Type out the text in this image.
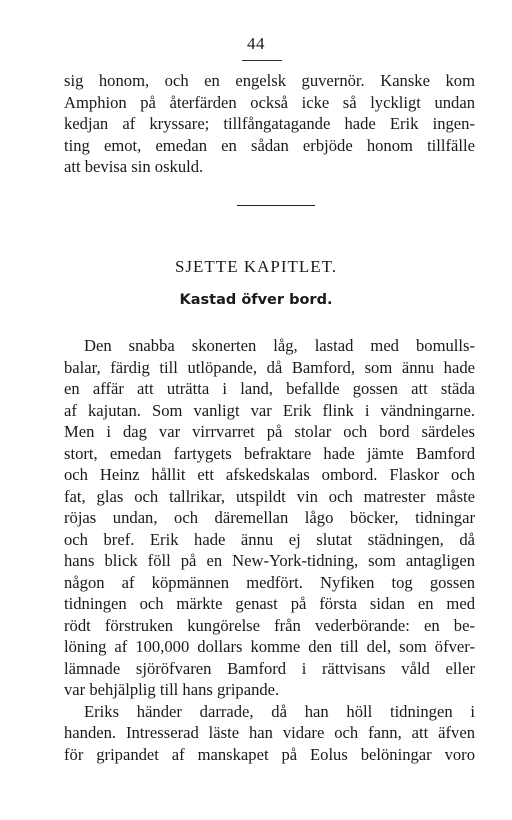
44
sig honom, och en engelsk guvernör. Kanske kom
Amphion på återfärden också icke så lyckligt undan
kedjan af kryssare; tillfångatagande hade Erik ingen-
ting emot, emedan en sådan erbjöde honom tillfälle
att bevisa sin oskuld.
SJETTE KAPITLET.
Kastad öfver bord.
Den snabba skonerten låg, lastad med bomulls-
balar, färdig till utlöpande, då Bamford, som ännu hade
en affär att uträtta i land, befallde gossen att städa
af kajutan. Som vanligt var Erik flink i vändningarne.
Men i dag var virrvarret på stolar och bord särdeles
stort, emedan fartygets befraktare hade jämte Bamford
och Heinz hållit ett afskedskalas ombord. Flaskor och
fat, glas och tallrikar, utspildt vin och matrester måste
röjas undan, och däremellan lågo böcker, tidningar
och bref. Erik hade ännu ej slutat städningen, då
hans blick föll på en New-York-tidning, som antagligen
någon af köpmännen medfört. Nyfiken tog gossen
tidningen och märkte genast på första sidan en med
rödt förstruken kungörelse från vederbörande: en be-
löning af 100,000 dollars komme den till del, som öfver-
lämnade sjöröfvaren Bamford i rättvisans våld eller
var behjälplig till hans gripande.
Eriks händer darrade, då han höll tidningen i
handen. Intresserad läste han vidare och fann, att äfven
för gripandet af manskapet på Eolus belöningar voro
